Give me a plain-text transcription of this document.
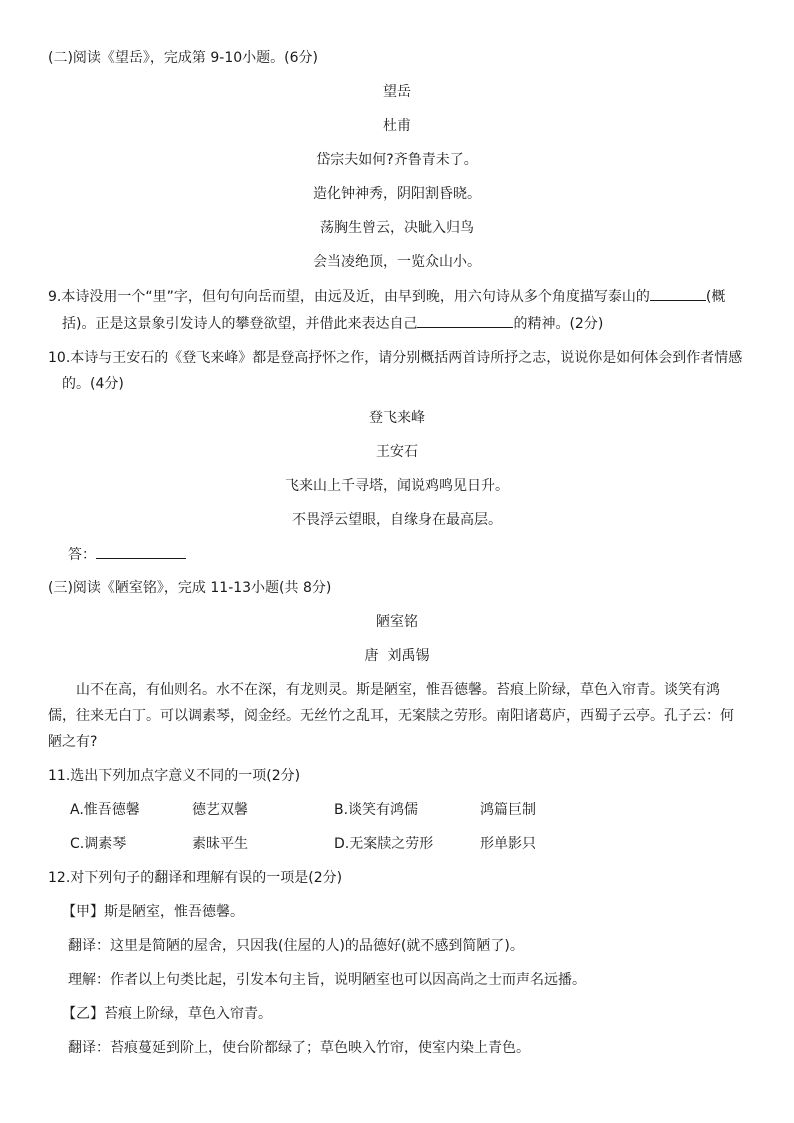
(二)阅读《望岳》，完成第 9-10小题。(6分)
望岳
杜甫
岱宗夫如何?齐鲁青未了。
造化钟神秀，阴阳割昏晓。
荡胸生曾云，决眦入归鸟
会当凌绝顶，一览众山小。
9.本诗没用一个“里”字，但句句向岳而望，由远及近，由早到晚，用六句诗从多个角度描写泰山的	(概
括)。正是这景象引发诗人的攀登欲望，并借此来表达自己	的精神。(2分)
10.本诗与王安石的《登飞来峰》都是登高抒怀之作，请分别概括两首诗所抒之志，说说你是如何体会到作者情感
的。(4分)
登飞来峰
王安石
飞来山上千寻塔，闻说鸡鸣见日升。
不畏浮云望眼，自缘身在最高层。
答：
(三)阅读《陋室铭》，完成 11-13小题(共 8分)
陋室铭
唐  刘禹锡
山不在高，有仙则名。水不在深，有龙则灵。斯是陋室，惟吾德馨。苔痕上阶绿，草色入帘青。谈笑有鸿
儒，往来无白丁。可以调素琴，阅金经。无丝竹之乱耳，无案牍之劳形。南阳诸葛庐，西蜀子云亭。孔子云：何
陋之有?
11.选出下列加点字意义不同的一项(2分)
A.惟吾德馨	德艺双馨	B.谈笑有鸿儒	鸿篇巨制
C.调素琴	素昧平生	D.无案牍之劳形	形单影只
12.对下列句子的翻译和理解有误的一项是(2分)
【甲】斯是陋室，惟吾德馨。
翻译：这里是简陋的屋舍，只因我(住屋的人)的品德好(就不感到简陋了)。
理解：作者以上句类比起，引发本句主旨，说明陋室也可以因高尚之士而声名远播。
【乙】苔痕上阶绿，草色入帘青。
翻译：苔痕蔓延到阶上，使台阶都绿了；草色映入竹帘，使室内染上青色。
